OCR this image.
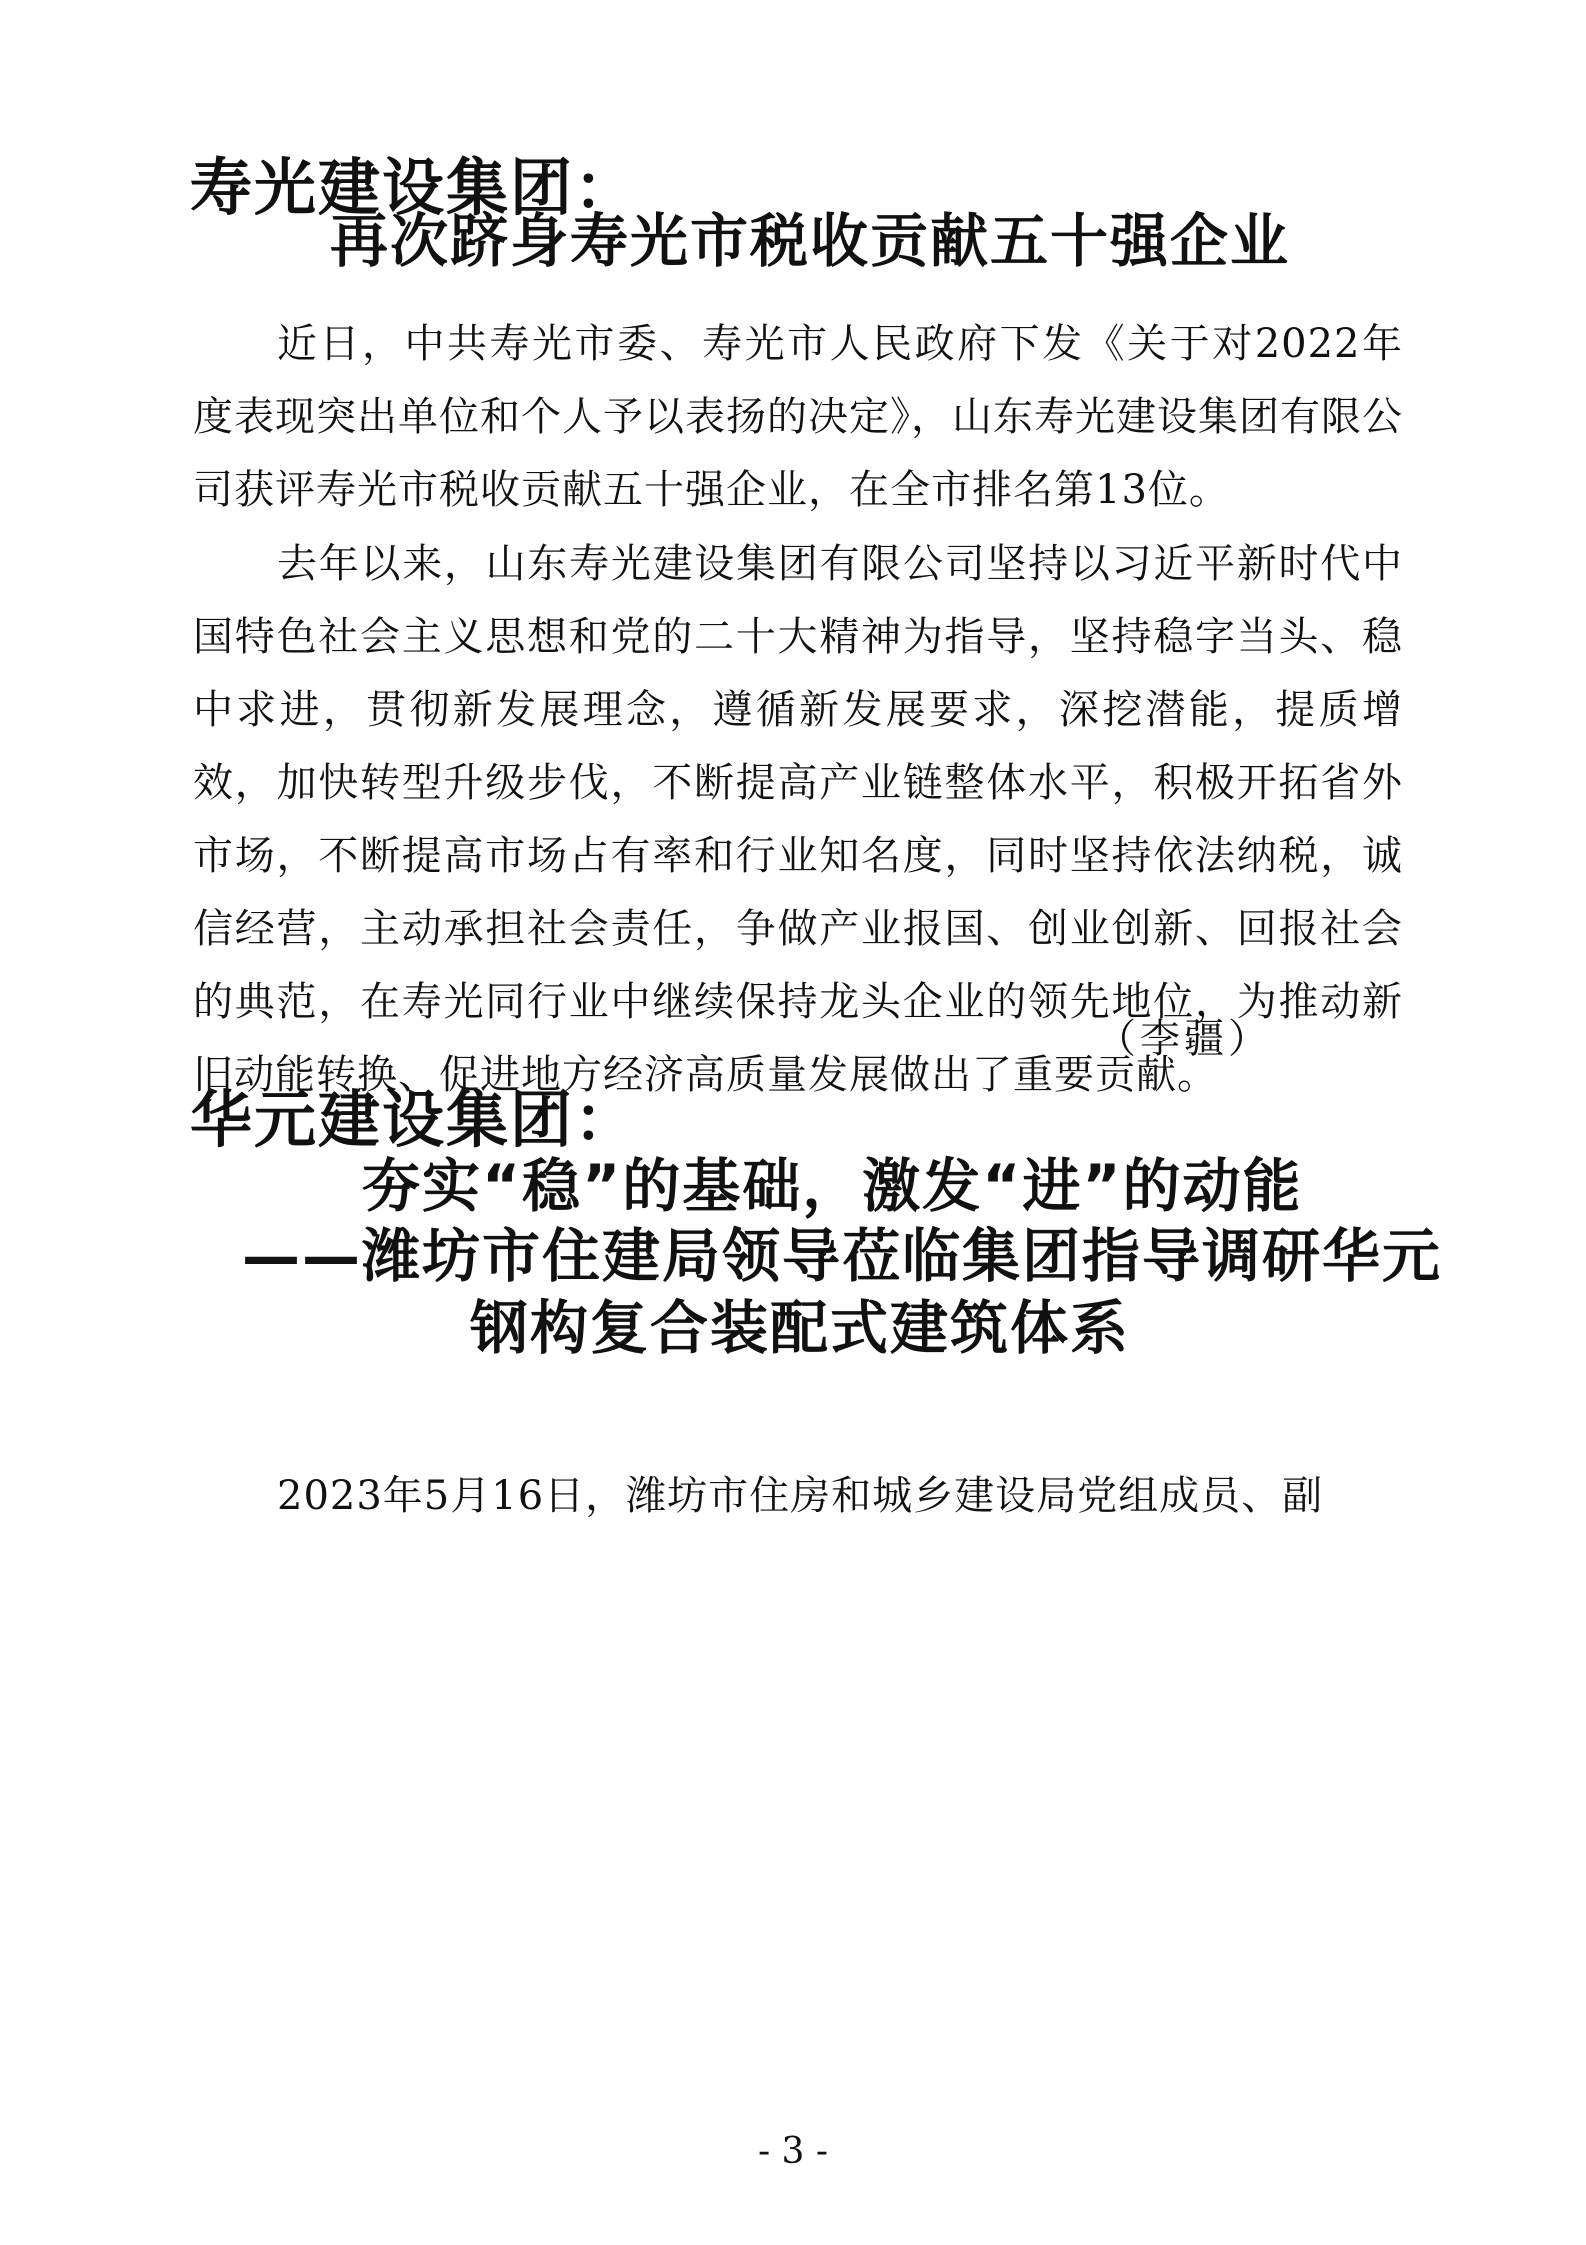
寿光建设集团：
再次跻身寿光市税收贡献五十强企业

近日，中共寿光市委、寿光市人民政府下发《关于对2022年度表现突出单位和个人予以表扬的决定》，山东寿光建设集团有限公司获评寿光市税收贡献五十强企业，在全市排名第13位。

去年以来，山东寿光建设集团有限公司坚持以习近平新时代中国特色社会主义思想和党的二十大精神为指导，坚持稳字当头、稳中求进，贯彻新发展理念，遵循新发展要求，深挖潜能，提质增效，加快转型升级步伐，不断提高产业链整体水平，积极开拓省外市场，不断提高市场占有率和行业知名度，同时坚持依法纳税，诚信经营，主动承担社会责任，争做产业报国、创业创新、回报社会的典范，在寿光同行业中继续保持龙头企业的领先地位，为推动新旧动能转换、促进地方经济高质量发展做出了重要贡献。

（李疆）

华元建设集团：
夯实“稳”的基础，激发“进”的动能
——潍坊市住建局领导莅临集团指导调研华元
钢构复合装配式建筑体系

2023年5月16日，潍坊市住房和城乡建设局党组成员、副

- 3 -
